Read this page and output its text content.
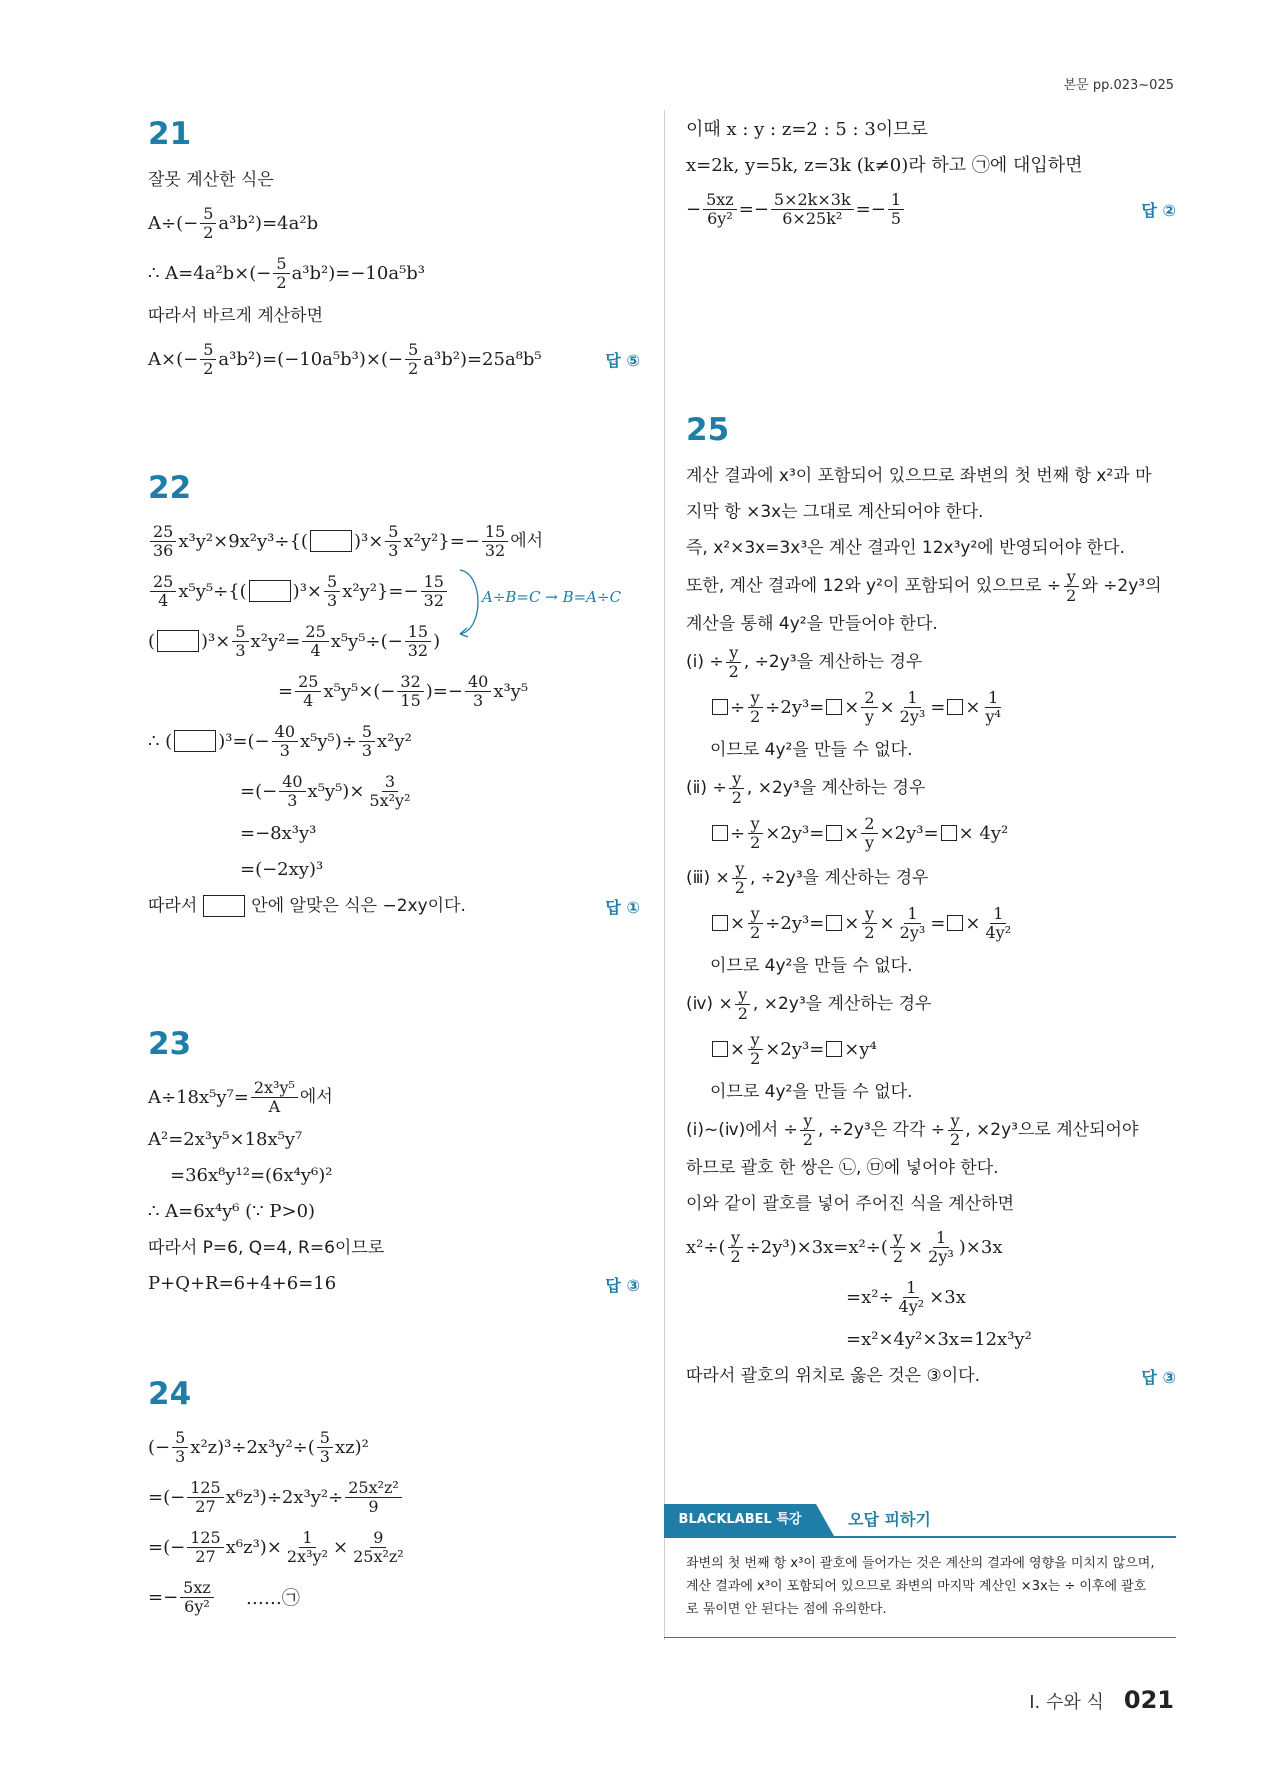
본문 pp.023~025
21
잘못 계산한 식은
$A\div(- \frac{5}{2} a^3b^2)=4a^2b$
∴ $A=4a^2b\times(- \frac{5}{2} a^3b^2)=-10a^5b^3$
따라서 바르게 계산하면
$A\times(- \frac{5}{2} a^3b^2)=(-10a^5b^3)\times(- \frac{5}{2} a^3b^2)=25a^8b^5$	답 ⑤
22
$\frac{25}{36} x^3y^2\times 9x^2y^3\div${(	)$^3\times \frac{5}{3} x^2y^2\}=- \frac{15}{32}$ 에서
$\frac{25}{4} x^5y^5\div${(	)$^3\times \frac{5}{3} x^2y^2\}=- \frac{15}{32}$
(	)$^3\times \frac{5}{3} x^2y^2= \frac{25}{4} x^5y^5\div(- \frac{15}{32}$ )
A÷B=C → B=A÷C
= $\frac{25}{4} x^5y^5\times(- \frac{32}{15}$ )=− $\frac{40}{3} x^3y^5$
∴ (	)$^3=(- \frac{40}{3} x^5y^5)\div \frac{5}{3} x^2y^2$
=(− $\frac{40}{3} x^5y^5)\times \frac{3}{\text{5x²y²}}$
=−8x³y³
=(−2xy)³
따라서	안에 알맞은 식은 −2xy이다.	답 ①
23
$A\div 18x^5y^7= \frac{\text{2x³y⁵}}{A}$ 에서
A²=2x³y⁵×18x⁵y⁷
=36x⁸y¹²=(6x⁴y⁶)²
∴ A=6x⁴y⁶ (∵ P>0)
따라서 P=6, Q=4, R=6이므로
P+Q+R=6+4+6=16	답 ③
24
(− $\frac{5}{3} x^2z)^3\div 2x^3y^2\div( \frac{5}{3} xz)^2$
=(− $\frac{125}{27} x^6z^3)\div 2x^3y^2\div \frac{\text{25x²z²}}{9}$
=(− $\frac{125}{27} x^6z^3)\times \frac{1}{\text{2x³y²}} \times \frac{9}{\text{25x²z²}}$
=− $\frac{5xz}{\text{6y²}}$ ……㉠
이때 x : y : z=2 : 5 : 3이므로
x=2k, y=5k, z=3k (k≠0)라 하고 ㉠에 대입하면
− $\frac{5xz}{\text{6y²}} =- \frac{5\times 2k\times 3k}{\text{6×25k²}} =- \frac{1}{5}$	답 ②
25
계산 결과에 x³이 포함되어 있으므로 좌변의 첫 번째 항 x²과 마
지막 항 ×3x는 그대로 계산되어야 한다.
즉, x²×3x=3x³은 계산 결과인 12x³y²에 반영되어야 한다.
또한, 계산 결과에 12와 y²이 포함되어 있으므로 ÷ $\frac{y}{2}$ 와 ÷2y³의
계산을 통해 4y²을 만들어야 한다.
(ⅰ) ÷ $\frac{y}{2}$ , ÷2y³을 계산하는 경우
÷ $\frac{y}{2} \div 2y^3= \times \frac{2}{y} \times \frac{1}{\text{2y³}}$ = × $\frac{1}{\text{y⁴}}$
이므로 4y²을 만들 수 없다.
(ⅱ) ÷ $\frac{y}{2}$ , ×2y³을 계산하는 경우
÷ $\frac{y}{2} \times 2y^3= \times \frac{2}{y} \times 2y^3= \times 4y^2$
(ⅲ) × $\frac{y}{2}$ , ÷2y³을 계산하는 경우
× $\frac{y}{2} \div 2y^3= \times \frac{y}{2} \times \frac{1}{\text{2y³}}$ = × $\frac{1}{\text{4y²}}$
이므로 4y²을 만들 수 없다.
(ⅳ) × $\frac{y}{2}$ , ×2y³을 계산하는 경우
× $\frac{y}{2} \times 2y^3= \times y^4$
이므로 4y²을 만들 수 없다.
(ⅰ)~(ⅳ)에서 ÷ $\frac{y}{2}$ , ÷2y³은 각각 ÷ $\frac{y}{2}$ , ×2y³으로 계산되어야
하므로 괄호 한 쌍은 ㉡, ㉤에 넣어야 한다.
이와 같이 괄호를 넣어 주어진 식을 계산하면
$x^2\div( \frac{y}{2} \div 2y^3)\times 3x=x^2\div( \frac{y}{2} \times \frac{1}{\text{2y³}} )\times 3x$
$=x^2\div \frac{1}{\text{4y²}} \times 3x$
=x²×4y²×3x=12x³y²
따라서 괄호의 위치로 옳은 것은 ③이다.	답 ③
BLACKLABEL 특강	오답 피하기
좌변의 첫 번째 항 x³이 괄호에 들어가는 것은 계산의 결과에 영향을 미치지 않으며,
계산 결과에 x³이 포함되어 있으므로 좌변의 마지막 계산인 ×3x는 ÷ 이후에 괄호
로 묶이면 안 된다는 점에 유의한다.
Ⅰ. 수와 식 021
